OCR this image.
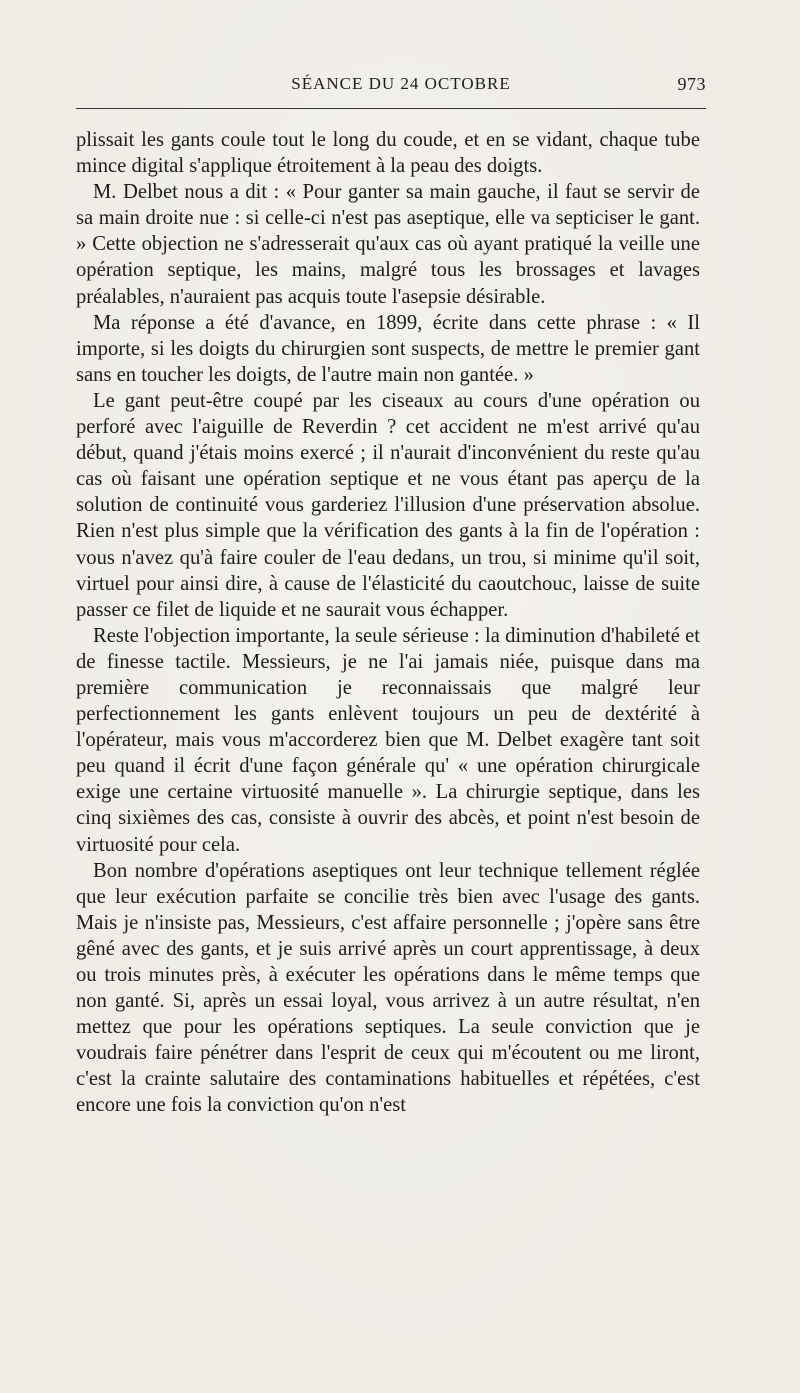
SÉANCE DU 24 OCTOBRE	973

plissait les gants coule tout le long du coude, et en se vidant, chaque tube mince digital s'applique étroitement à la peau des doigts.

M. Delbet nous a dit : « Pour ganter sa main gauche, il faut se servir de sa main droite nue : si celle-ci n'est pas aseptique, elle va septiciser le gant. » Cette objection ne s'adresserait qu'aux cas où ayant pratiqué la veille une opération septique, les mains, malgré tous les brossages et lavages préalables, n'auraient pas acquis toute l'asepsie désirable.

Ma réponse a été d'avance, en 1899, écrite dans cette phrase : « Il importe, si les doigts du chirurgien sont suspects, de mettre le premier gant sans en toucher les doigts, de l'autre main non gantée. »

Le gant peut-être coupé par les ciseaux au cours d'une opération ou perforé avec l'aiguille de Reverdin ? cet accident ne m'est arrivé qu'au début, quand j'étais moins exercé ; il n'aurait d'inconvénient du reste qu'au cas où faisant une opération septique et ne vous étant pas aperçu de la solution de continuité vous garderiez l'illusion d'une préservation absolue. Rien n'est plus simple que la vérification des gants à la fin de l'opération : vous n'avez qu'à faire couler de l'eau dedans, un trou, si minime qu'il soit, virtuel pour ainsi dire, à cause de l'élasticité du caoutchouc, laisse de suite passer ce filet de liquide et ne saurait vous échapper.

Reste l'objection importante, la seule sérieuse : la diminution d'habileté et de finesse tactile. Messieurs, je ne l'ai jamais niée, puisque dans ma première communication je reconnaissais que malgré leur perfectionnement les gants enlèvent toujours un peu de dextérité à l'opérateur, mais vous m'accorderez bien que M. Delbet exagère tant soit peu quand il écrit d'une façon générale qu' « une opération chirurgicale exige une certaine virtuosité manuelle ». La chirurgie septique, dans les cinq sixièmes des cas, consiste à ouvrir des abcès, et point n'est besoin de virtuosité pour cela.

Bon nombre d'opérations aseptiques ont leur technique tellement réglée que leur exécution parfaite se concilie très bien avec l'usage des gants. Mais je n'insiste pas, Messieurs, c'est affaire personnelle ; j'opère sans être gêné avec des gants, et je suis arrivé après un court apprentissage, à deux ou trois minutes près, à exécuter les opérations dans le même temps que non ganté. Si, après un essai loyal, vous arrivez à un autre résultat, n'en mettez que pour les opérations septiques. La seule conviction que je voudrais faire pénétrer dans l'esprit de ceux qui m'écoutent ou me liront, c'est la crainte salutaire des contaminations habituelles et répétées, c'est encore une fois la conviction qu'on n'est
